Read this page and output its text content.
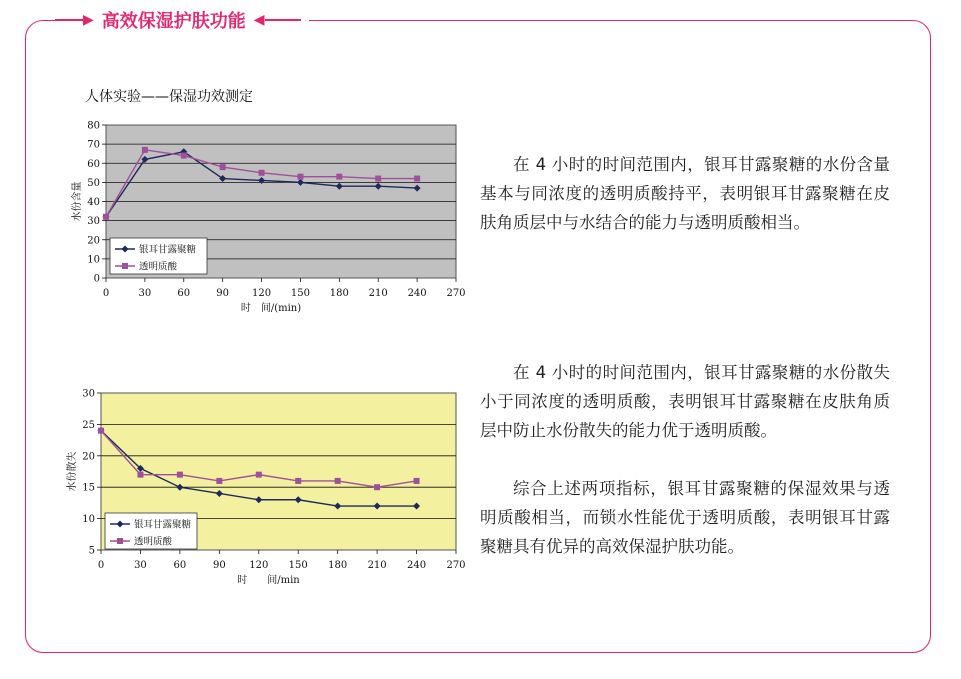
▶ 高效保湿护肤功能 ◀
人体实验——保湿功效测定
0
10
20
30
40
50
60
70
80
0	30	60	90 120 150 180 210 240 270
时　间/(min)
水份含量
银耳甘露聚糖
透明质酸
5
10
15
20
25
30
0	30	60	90 120 150 180 210 240 270
时　　间/min
水份散失
银耳甘露聚糖
透明质酸
在 4 小时的时间范围内，银耳甘露聚糖的水份含量基本与同浓度的透明质酸持平，表明银耳甘露聚糖在皮肤角质层中与水结合的能力与透明质酸相当。
在 4 小时的时间范围内，银耳甘露聚糖的水份散失小于同浓度的透明质酸，表明银耳甘露聚糖在皮肤角质层中防止水份散失的能力优于透明质酸。
综合上述两项指标，银耳甘露聚糖的保湿效果与透明质酸相当，而锁水性能优于透明质酸，表明银耳甘露聚糖具有优异的高效保湿护肤功能。
